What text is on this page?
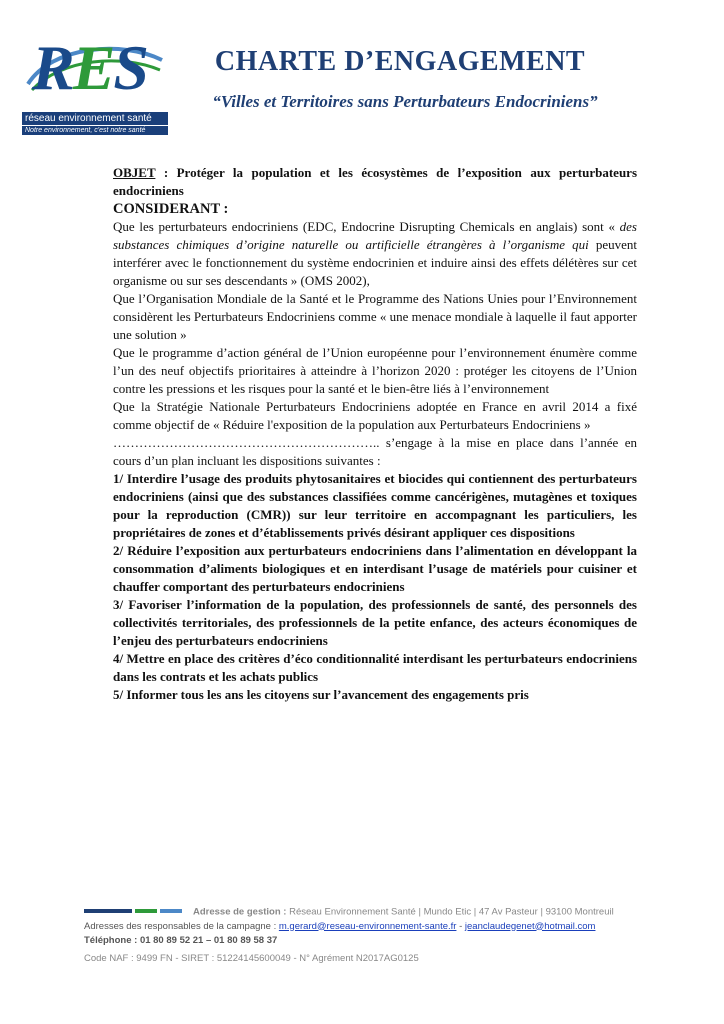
RES
réseau environnement santé
Notre environnement, c'est notre santé
CHARTE D’ENGAGEMENT
“Villes et Territoires sans Perturbateurs Endocriniens”

OBJET : Protéger la population et les écosystèmes de l’exposition aux perturbateurs endocriniens

CONSIDERANT :

Que les perturbateurs endocriniens (EDC, Endocrine Disrupting Chemicals en anglais) sont « des substances chimiques d’origine naturelle ou artificielle étrangères à l’organisme qui peuvent interférer avec le fonctionnement du système endocrinien et induire ainsi des effets délétères sur cet organisme ou sur ses descendants » (OMS 2002),

Que l’Organisation Mondiale de la Santé et le Programme des Nations Unies pour l’Environnement considèrent les Perturbateurs Endocriniens comme « une menace mondiale à laquelle il faut apporter une solution »

Que le programme d’action général de l’Union européenne pour l’environnement énumère comme l’un des neuf objectifs prioritaires à atteindre à l’horizon 2020 : protéger les citoyens de l’Union contre les pressions et les risques pour la santé et le bien-être liés à l’environnement

Que la Stratégie Nationale Perturbateurs Endocriniens adoptée en France en avril 2014 a fixé comme objectif de « Réduire l'exposition de la population aux Perturbateurs Endocriniens »

…………………………………………………….. s’engage à la mise en place dans l’année en cours d’un plan incluant les dispositions suivantes :

1/ Interdire l’usage des produits phytosanitaires et biocides qui contiennent des perturbateurs endocriniens (ainsi que des substances classifiées comme cancérigènes, mutagènes et toxiques pour la reproduction (CMR)) sur leur territoire en accompagnant les particuliers, les propriétaires de zones et d’établissements privés désirant appliquer ces dispositions

2/ Réduire l’exposition aux perturbateurs endocriniens dans l’alimentation en développant la consommation d’aliments biologiques et en interdisant l’usage de matériels pour cuisiner et chauffer comportant des perturbateurs endocriniens

3/ Favoriser l’information de la population, des professionnels de santé, des personnels des collectivités territoriales, des professionnels de la petite enfance, des acteurs économiques de l’enjeu des perturbateurs endocriniens

4/ Mettre en place des critères d’éco conditionnalité interdisant les perturbateurs endocriniens dans les contrats et les achats publics

5/ Informer tous les ans les citoyens sur l’avancement des engagements pris

Adresse de gestion : Réseau Environnement Santé | Mundo Etic | 47 Av Pasteur | 93100 Montreuil
Adresses des responsables de la campagne : m.gerard@reseau-environnement-sante.fr - jeanclaudegenet@hotmail.com
Téléphone : 01 80 89 52 21 – 01 80 89 58 37
Code NAF : 9499 FN - SIRET : 51224145600049 - N° Agrément N2017AG0125
